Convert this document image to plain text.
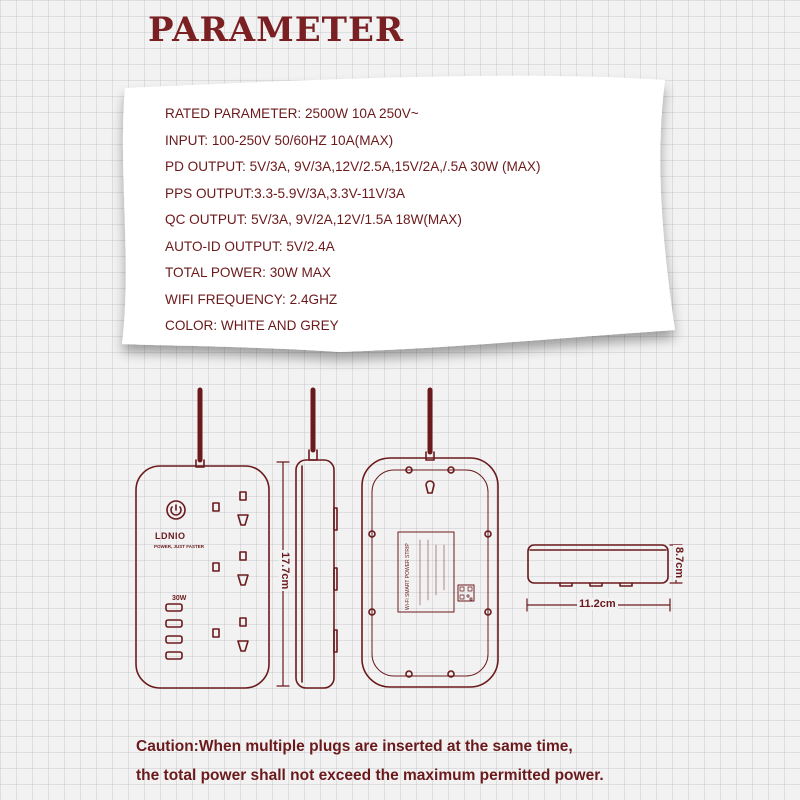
PARAMETER
RATED PARAMETER: 2500W 10A 250V~
INPUT: 100-250V 50/60HZ 10A(MAX)
PD OUTPUT: 5V/3A, 9V/3A,12V/2.5A,15V/2A,/.5A 30W (MAX)
PPS OUTPUT:3.3-5.9V/3A,3.3V-11V/3A
QC OUTPUT: 5V/3A, 9V/2A,12V/1.5A 18W(MAX)
AUTO-ID OUTPUT: 5V/2.4A
TOTAL POWER: 30W MAX
WIFI FREQUENCY: 2.4GHZ
COLOR: WHITE AND GREY
LDNIO
POWER, JUST FASTER
30W	Wi-Fi SMART POWER STRIP
17.7cm	8.7cm
11.2cm
Caution:When multiple plugs are inserted at the same time,
the total power shall not exceed the maximum permitted power.
